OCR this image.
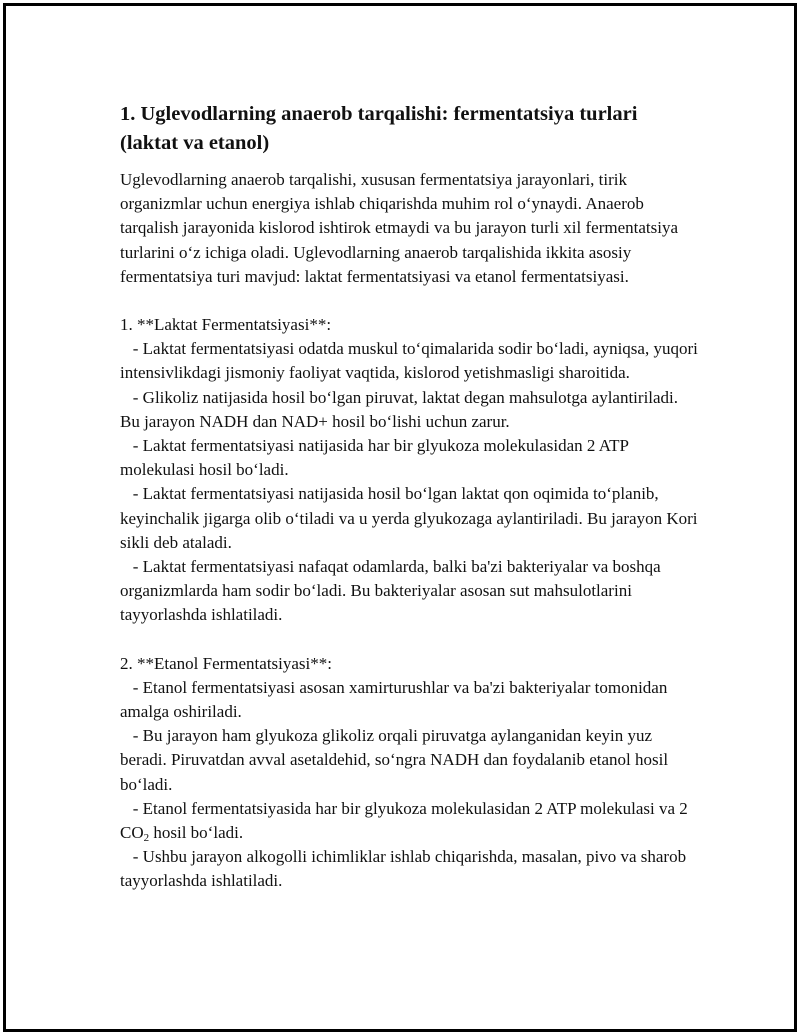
1. Uglevodlarning anaerob tarqalishi: fermentatsiya turlari (laktat va etanol)
Uglevodlarning anaerob tarqalishi, xususan fermentatsiya jarayonlari, tirik organizmlar uchun energiya ishlab chiqarishda muhim rol o‘ynaydi. Anaerob tarqalish jarayonida kislorod ishtirok etmaydi va bu jarayon turli xil fermentatsiya turlarini o‘z ichiga oladi. Uglevodlarning anaerob tarqalishida ikkita asosiy fermentatsiya turi mavjud: laktat fermentatsiyasi va etanol fermentatsiyasi.
1. **Laktat Fermentatsiyasi**:
- Laktat fermentatsiyasi odatda muskul to‘qimalarida sodir bo‘ladi, ayniqsa, yuqori intensivlikdagi jismoniy faoliyat vaqtida, kislorod yetishmasligi sharoitida.
- Glikoliz natijasida hosil bo‘lgan piruvat, laktat degan mahsulotga aylantiriladi. Bu jarayon NADH dan NAD+ hosil bo‘lishi uchun zarur.
- Laktat fermentatsiyasi natijasida har bir glyukoza molekulasidan 2 ATP molekulasi hosil bo‘ladi.
- Laktat fermentatsiyasi natijasida hosil bo‘lgan laktat qon oqimida to‘planib, keyinchalik jigarga olib o‘tiladi va u yerda glyukozaga aylantiriladi. Bu jarayon Kori sikli deb ataladi.
- Laktat fermentatsiyasi nafaqat odamlarda, balki ba'zi bakteriyalar va boshqa organizmlarda ham sodir bo‘ladi. Bu bakteriyalar asosan sut mahsulotlarini tayyorlashda ishlatiladi.
2. **Etanol Fermentatsiyasi**:
- Etanol fermentatsiyasi asosan xamirturushlar va ba'zi bakteriyalar tomonidan amalga oshiriladi.
- Bu jarayon ham glyukoza glikoliz orqali piruvatga aylanganidan keyin yuz beradi. Piruvatdan avval asetaldehid, so‘ngra NADH dan foydalanib etanol hosil bo‘ladi.
- Etanol fermentatsiyasida har bir glyukoza molekulasidan 2 ATP molekulasi va 2 $CO_2$ hosil bo‘ladi.
- Ushbu jarayon alkogolli ichimliklar ishlab chiqarishda, masalan, pivo va sharob tayyorlashda ishlatiladi.
